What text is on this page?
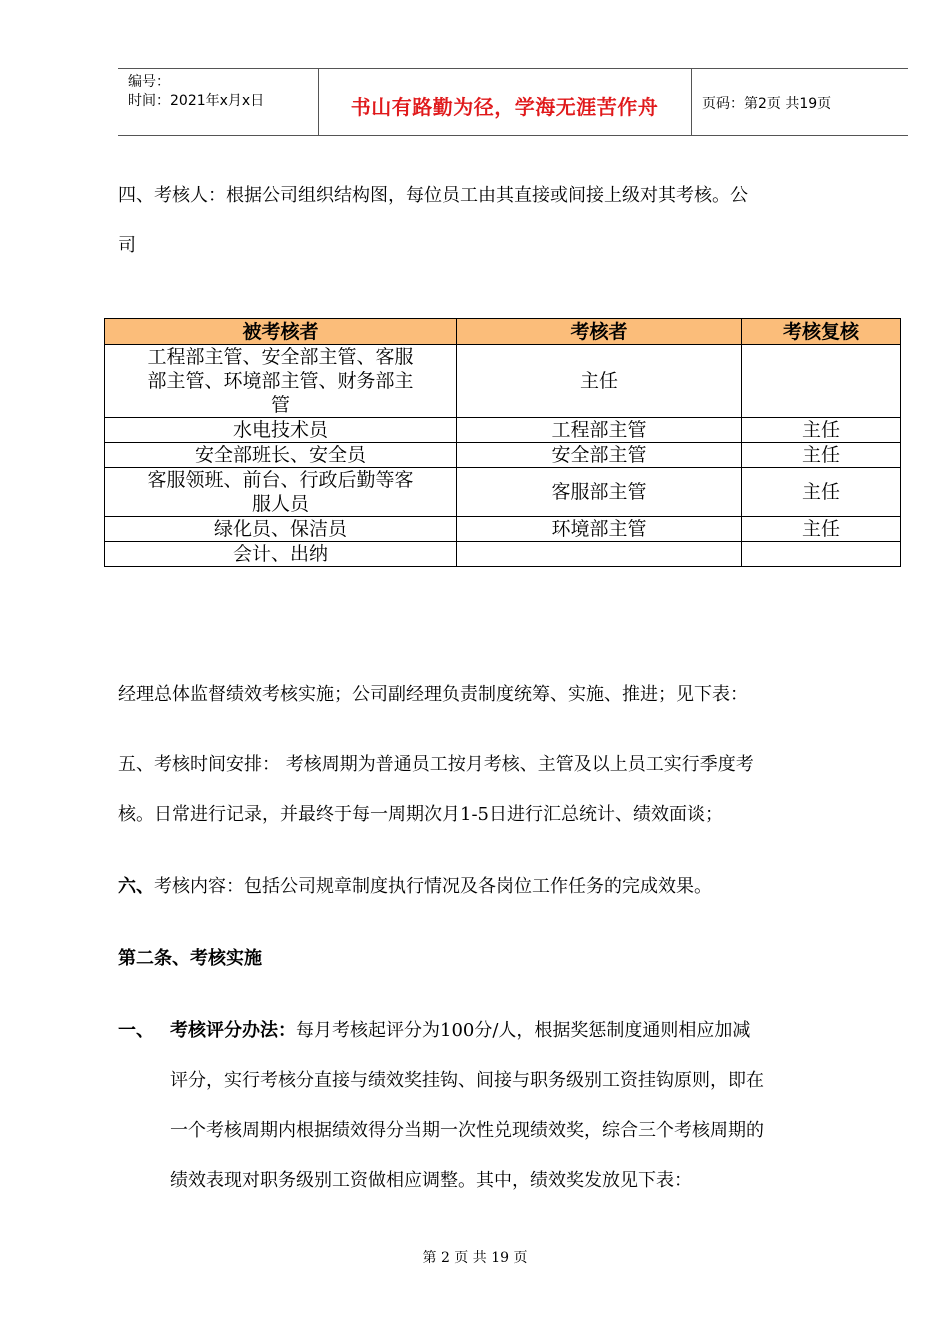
编号：
时间：2021年x月x日	书山有路勤为径，学海无涯苦作舟	页码：第2页 共19页
四、考核人：根据公司组织结构图，每位员工由其直接或间接上级对其考核。公
司
被考核者	考核者	考核复核

工程部主管、安全部主管、客服
部主管、环境部主管、财务部主
管	主任	

水电技术员	工程部主管	主任

安全部班长、安全员	安全部主管	主任

客服领班、前台、行政后勤等客
服人员	客服部主管	主任

绿化员、保洁员	环境部主管	主任

会计、出纳		

经理总体监督绩效考核实施；公司副经理负责制度统筹、实施、推进；见下表：
五、考核时间安排： 考核周期为普通员工按月考核、主管及以上员工实行季度考
核。日常进行记录，并最终于每一周期次月1-5日进行汇总统计、绩效面谈；
六、考核内容：包括公司规章制度执行情况及各岗位工作任务的完成效果。
第二条、考核实施
一、 考核评分办法：每月考核起评分为100分/人，根据奖惩制度通则相应加减
评分，实行考核分直接与绩效奖挂钩、间接与职务级别工资挂钩原则，即在
一个考核周期内根据绩效得分当期一次性兑现绩效奖，综合三个考核周期的
绩效表现对职务级别工资做相应调整。其中，绩效奖发放见下表：
第 2 页 共 19 页
